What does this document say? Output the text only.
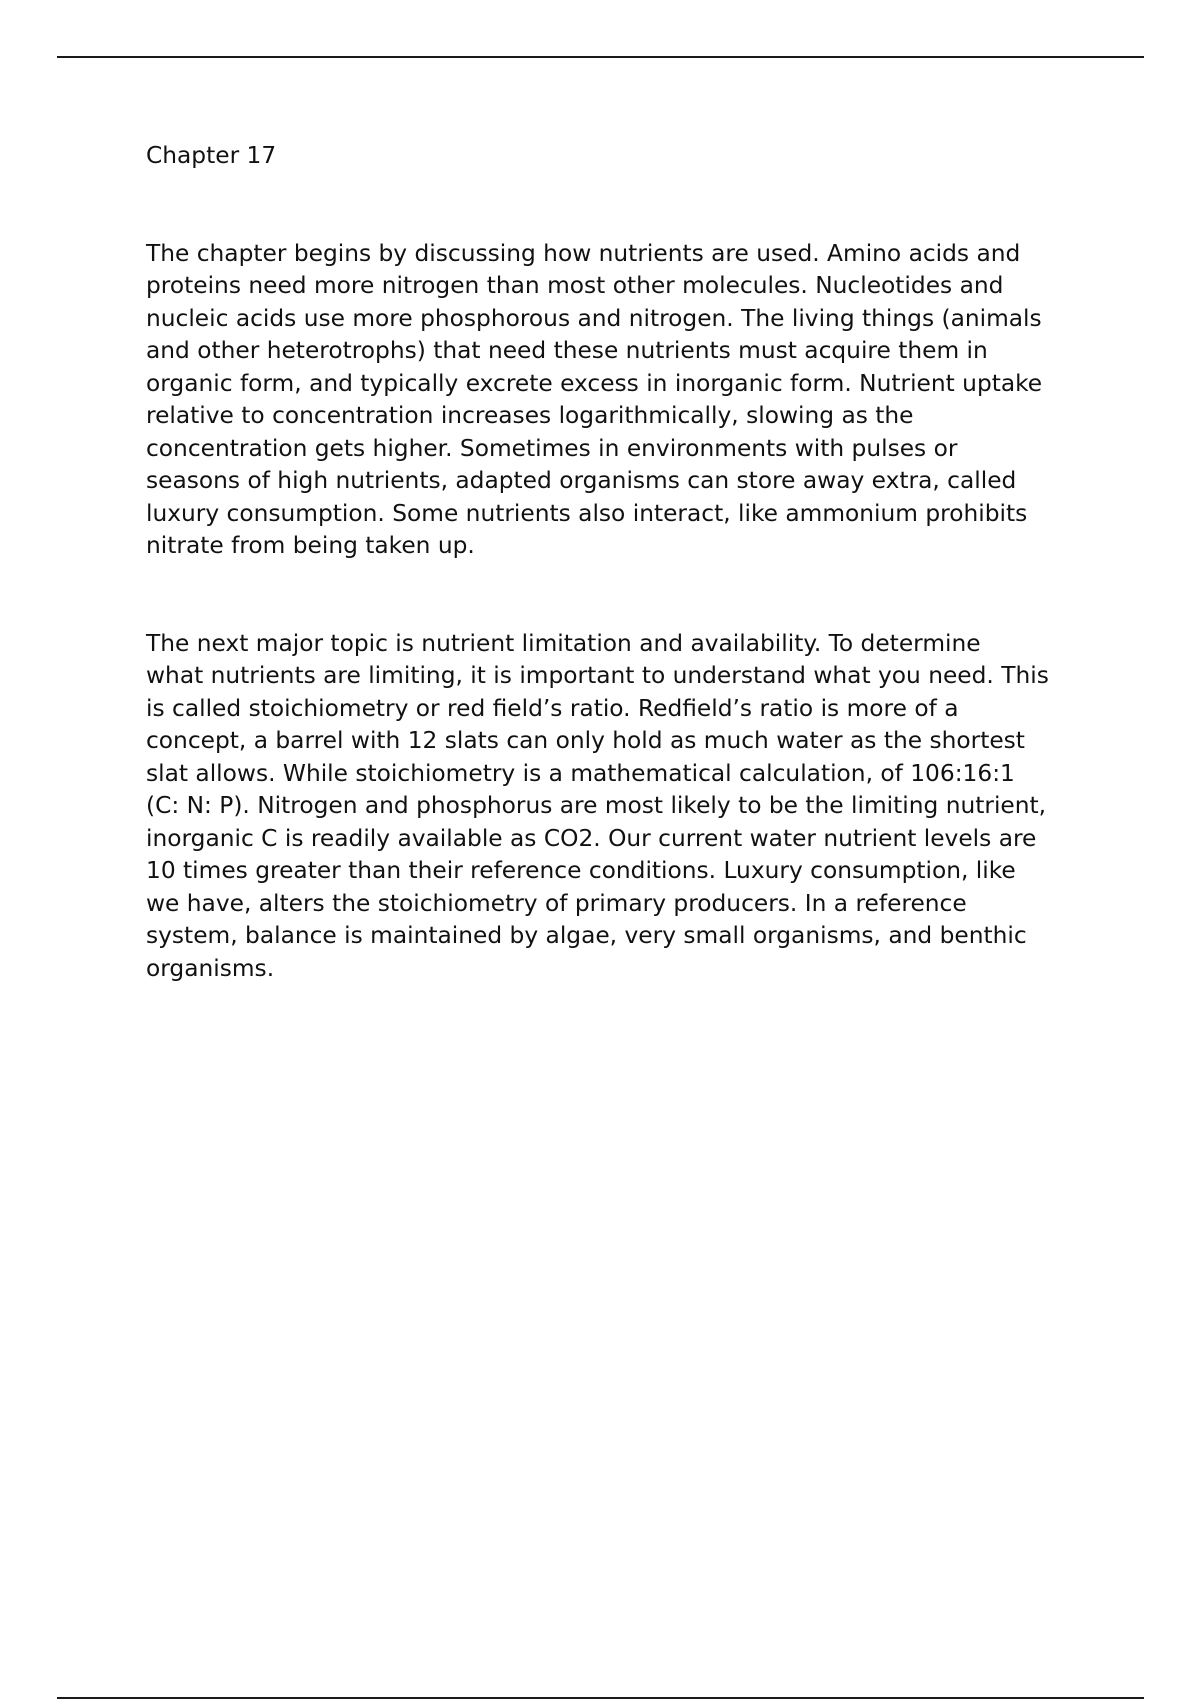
Chapter 17

The chapter begins by discussing how nutrients are used. Amino acids and
proteins need more nitrogen than most other molecules. Nucleotides and
nucleic acids use more phosphorous and nitrogen. The living things (animals
and other heterotrophs) that need these nutrients must acquire them in
organic form, and typically excrete excess in inorganic form. Nutrient uptake
relative to concentration increases logarithmically, slowing as the
concentration gets higher. Sometimes in environments with pulses or
seasons of high nutrients, adapted organisms can store away extra, called
luxury consumption. Some nutrients also interact, like ammonium prohibits
nitrate from being taken up.

The next major topic is nutrient limitation and availability. To determine
what nutrients are limiting, it is important to understand what you need. This
is called stoichiometry or red field’s ratio. Redfield’s ratio is more of a
concept, a barrel with 12 slats can only hold as much water as the shortest
slat allows. While stoichiometry is a mathematical calculation, of 106:16:1
(C: N: P). Nitrogen and phosphorus are most likely to be the limiting nutrient,
inorganic C is readily available as CO2. Our current water nutrient levels are
10 times greater than their reference conditions. Luxury consumption, like
we have, alters the stoichiometry of primary producers. In a reference
system, balance is maintained by algae, very small organisms, and benthic
organisms.
